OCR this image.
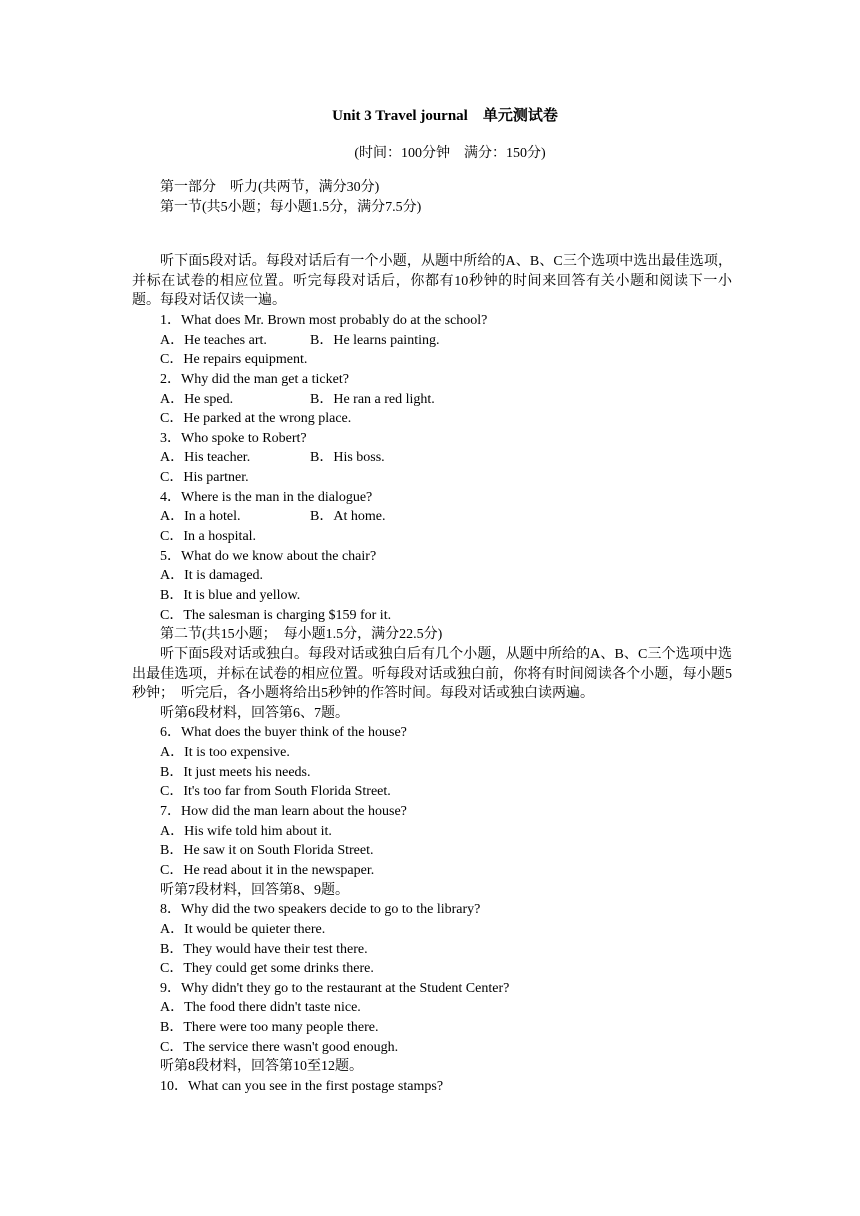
Unit 3 Travel journal　单元测试卷
(时间：100分钟　满分：150分)
第一部分　听力(共两节，满分30分)
第一节(共5小题；每小题1.5分，满分7.5分)
听下面5段对话。每段对话后有一个小题，从题中所给的A、B、C三个选项中选出最佳选项，并标在试卷的相应位置。听完每段对话后，你都有10秒钟的时间来回答有关小题和阅读下一小题。每段对话仅读一遍。
1．What does Mr. Brown most probably do at the school?
A．He teaches art.	B．He learns painting.
C．He repairs equipment.
2．Why did the man get a ticket?
A．He sped.	B．He ran a red light.
C．He parked at the wrong place.
3．Who spoke to Robert?
A．His teacher.	B．His boss.
C．His partner.
4．Where is the man in the dialogue?
A．In a hotel.	B．At home.
C．In a hospital.
5．What do we know about the chair?
A．It is damaged.
B．It is blue and yellow.
C．The salesman is charging $159 for it.
第二节(共15小题；　每小题1.5分，满分22.5分)
听下面5段对话或独白。每段对话或独白后有几个小题，从题中所给的A、B、C三个选项中选出最佳选项，并标在试卷的相应位置。听每段对话或独白前，你将有时间阅读各个小题，每小题5秒钟；　听完后，各小题将给出5秒钟的作答时间。每段对话或独白读两遍。
听第6段材料，回答第6、7题。
6．What does the buyer think of the house?
A．It is too expensive.
B．It just meets his needs.
C．It's too far from South Florida Street.
7．How did the man learn about the house?
A．His wife told him about it.
B．He saw it on South Florida Street.
C．He read about it in the newspaper.
听第7段材料，回答第8、9题。
8．Why did the two speakers decide to go to the library?
A．It would be quieter there.
B．They would have their test there.
C．They could get some drinks there.
9．Why didn't they go to the restaurant at the Student Center?
A．The food there didn't taste nice.
B．There were too many people there.
C．The service there wasn't good enough.
听第8段材料，回答第10至12题。
10．What can you see in the first postage stamps?
